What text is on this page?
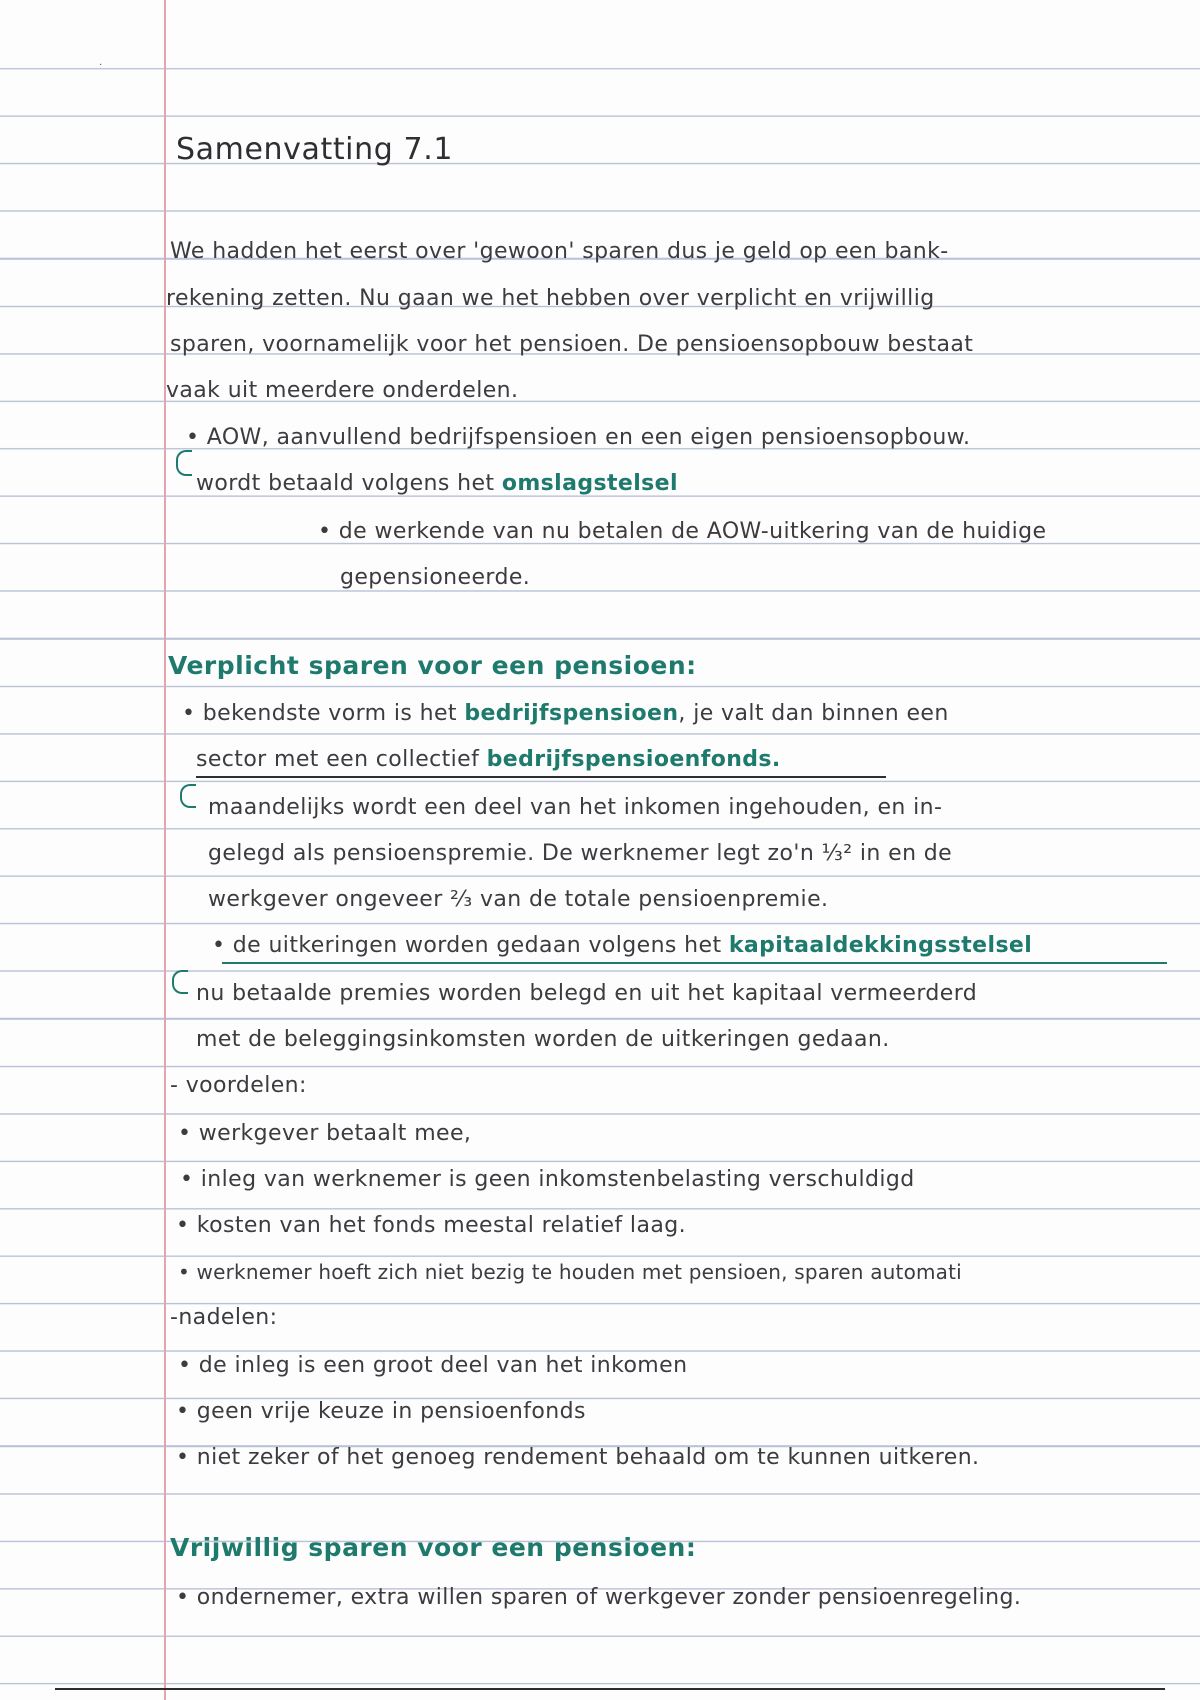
·
Samenvatting 7.1
We hadden het eerst over 'gewoon' sparen dus je geld op een bank-
rekening zetten. Nu gaan we het hebben over verplicht en vrijwillig
sparen, voornamelijk voor het pensioen. De pensioensopbouw bestaat
vaak uit meerdere onderdelen.
• AOW, aanvullend bedrijfspensioen en een eigen pensioensopbouw.
wordt betaald volgens het omslagstelsel
• de werkende van nu betalen de AOW-uitkering van de huidige
gepensioneerde.
Verplicht sparen voor een pensioen:
• bekendste vorm is het bedrijfspensioen, je valt dan binnen een
sector met een collectief bedrijfspensioenfonds.
maandelijks wordt een deel van het inkomen ingehouden, en in-
gelegd als pensioenspremie. De werknemer legt zo'n ⅓² in en de
werkgever ongeveer ²⁄₃ van de totale pensioenpremie.
• de uitkeringen worden gedaan volgens het kapitaaldekkingsstelsel
nu betaalde premies worden belegd en uit het kapitaal vermeerderd
met de beleggingsinkomsten worden de uitkeringen gedaan.
- voordelen:
• werkgever betaalt mee,
• inleg van werknemer is geen inkomstenbelasting verschuldigd
• kosten van het fonds meestal relatief laag.
• werknemer hoeft zich niet bezig te houden met pensioen, sparen automati
-nadelen:
• de inleg is een groot deel van het inkomen
• geen vrije keuze in pensioenfonds
• niet zeker of het genoeg rendement behaald om te kunnen uitkeren.
Vrijwillig sparen voor een pensioen:
• ondernemer, extra willen sparen of werkgever zonder pensioenregeling.
